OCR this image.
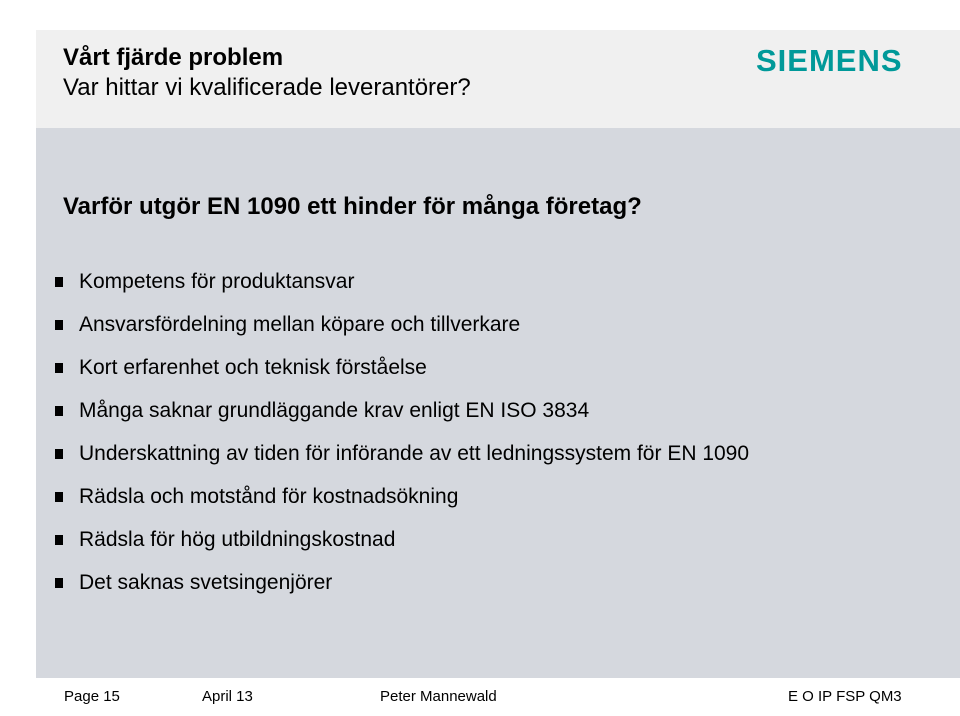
Vårt fjärde problem
Var hittar vi kvalificerade leverantörer?
SIEMENS
Varför utgör EN 1090 ett hinder för många företag?
Kompetens för produktansvar
Ansvarsfördelning mellan köpare och tillverkare
Kort erfarenhet och teknisk förståelse
Många saknar grundläggande krav enligt EN ISO 3834
Underskattning av tiden för införande av ett ledningssystem för EN 1090
Rädsla och motstånd för kostnadsökning
Rädsla för hög utbildningskostnad
Det saknas svetsingenjörer
Page 15	April 13	Peter Mannewald	E O IP FSP QM3
